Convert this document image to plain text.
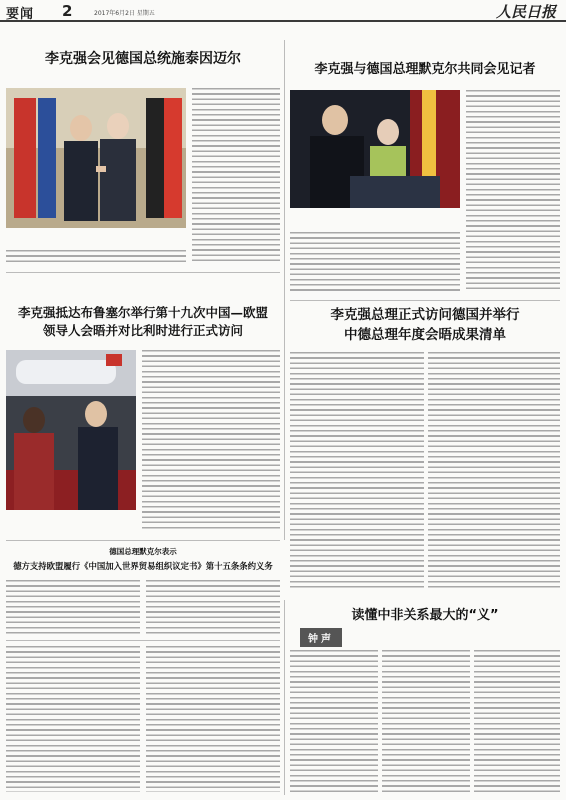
要闻 2	2017年6月2日 星期五	人民日报
李克强会见德国总统施泰因迈尔
李克强与德国总理默克尔共同会见记者
李克强抵达布鲁塞尔举行第十九次中国—欧盟
领导人会晤并对比利时进行正式访问
李克强总理正式访问德国并举行
中德总理年度会晤成果清单
德国总理默克尔表示
德方支持欧盟履行《中国加入世界贸易组织议定书》第十五条条约义务
读懂中非关系最大的“义”
钟声
